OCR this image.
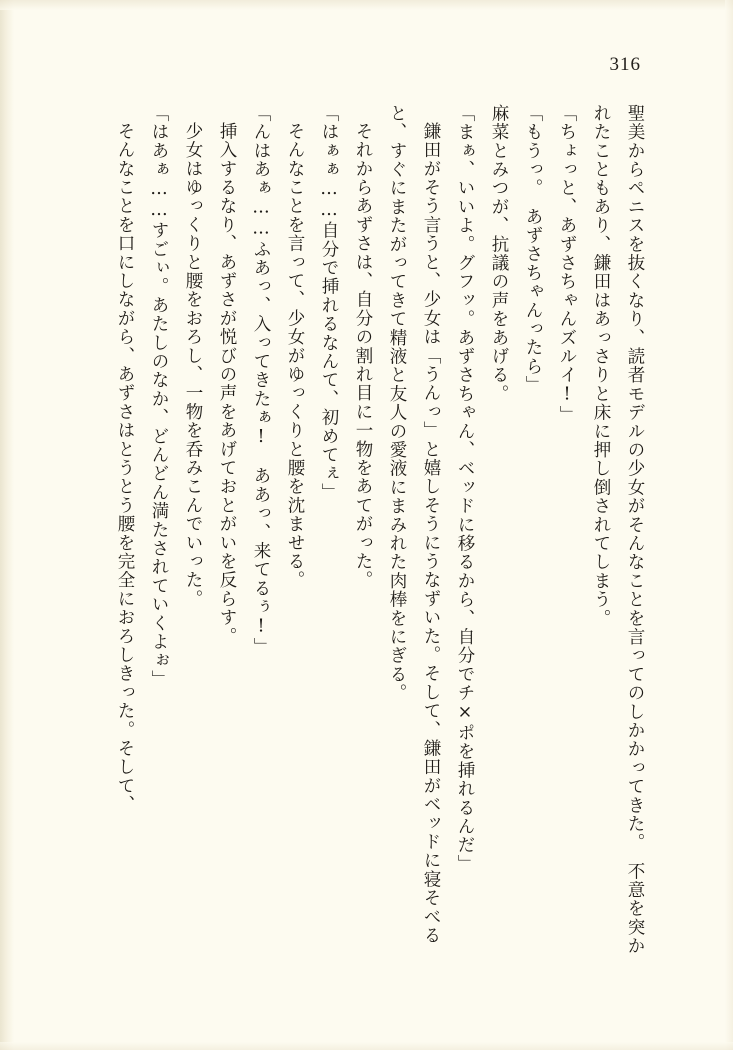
316

聖美からペニスを抜くなり、読者モデルの少女がそんなことを言ってのしかかってきた。　不意を突かれたこともあり、鎌田はあっさりと床に押し倒されてしまう。

「ちょっと、あずさちゃんズルイ!」

「もうっ。　あずさちゃんったら」

麻菜とみつが、抗議の声をあげる。

「まぁ、いいよ。グフッ。あずさちゃん、ベッドに移るから、自分でチ×ポを挿れるんだ」

鎌田がそう言うと、少女は「うんっ」と嬉しそうにうなずいた。そして、鎌田がベッドに寝そべると、すぐにまたがってきて精液と友人の愛液にまみれた肉棒をにぎる。

それからあずさは、自分の割れ目に一物をあてがった。

「はぁぁ……自分で挿れるなんて、初めてぇ」

そんなことを言って、少女がゆっくりと腰を沈ませる。

「んはあぁ……ふあっ、入ってきたぁ!　ああっ、来てるぅ!」

挿入するなり、あずさが悦びの声をあげておとがいを反らす。

少女はゆっくりと腰をおろし、一物を呑みこんでいった。

「はあぁ……すごぃ。あたしのなか、どんどん満たされていくよぉ」

そんなことを口にしながら、あずさはとうとう腰を完全におろしきった。そして、
